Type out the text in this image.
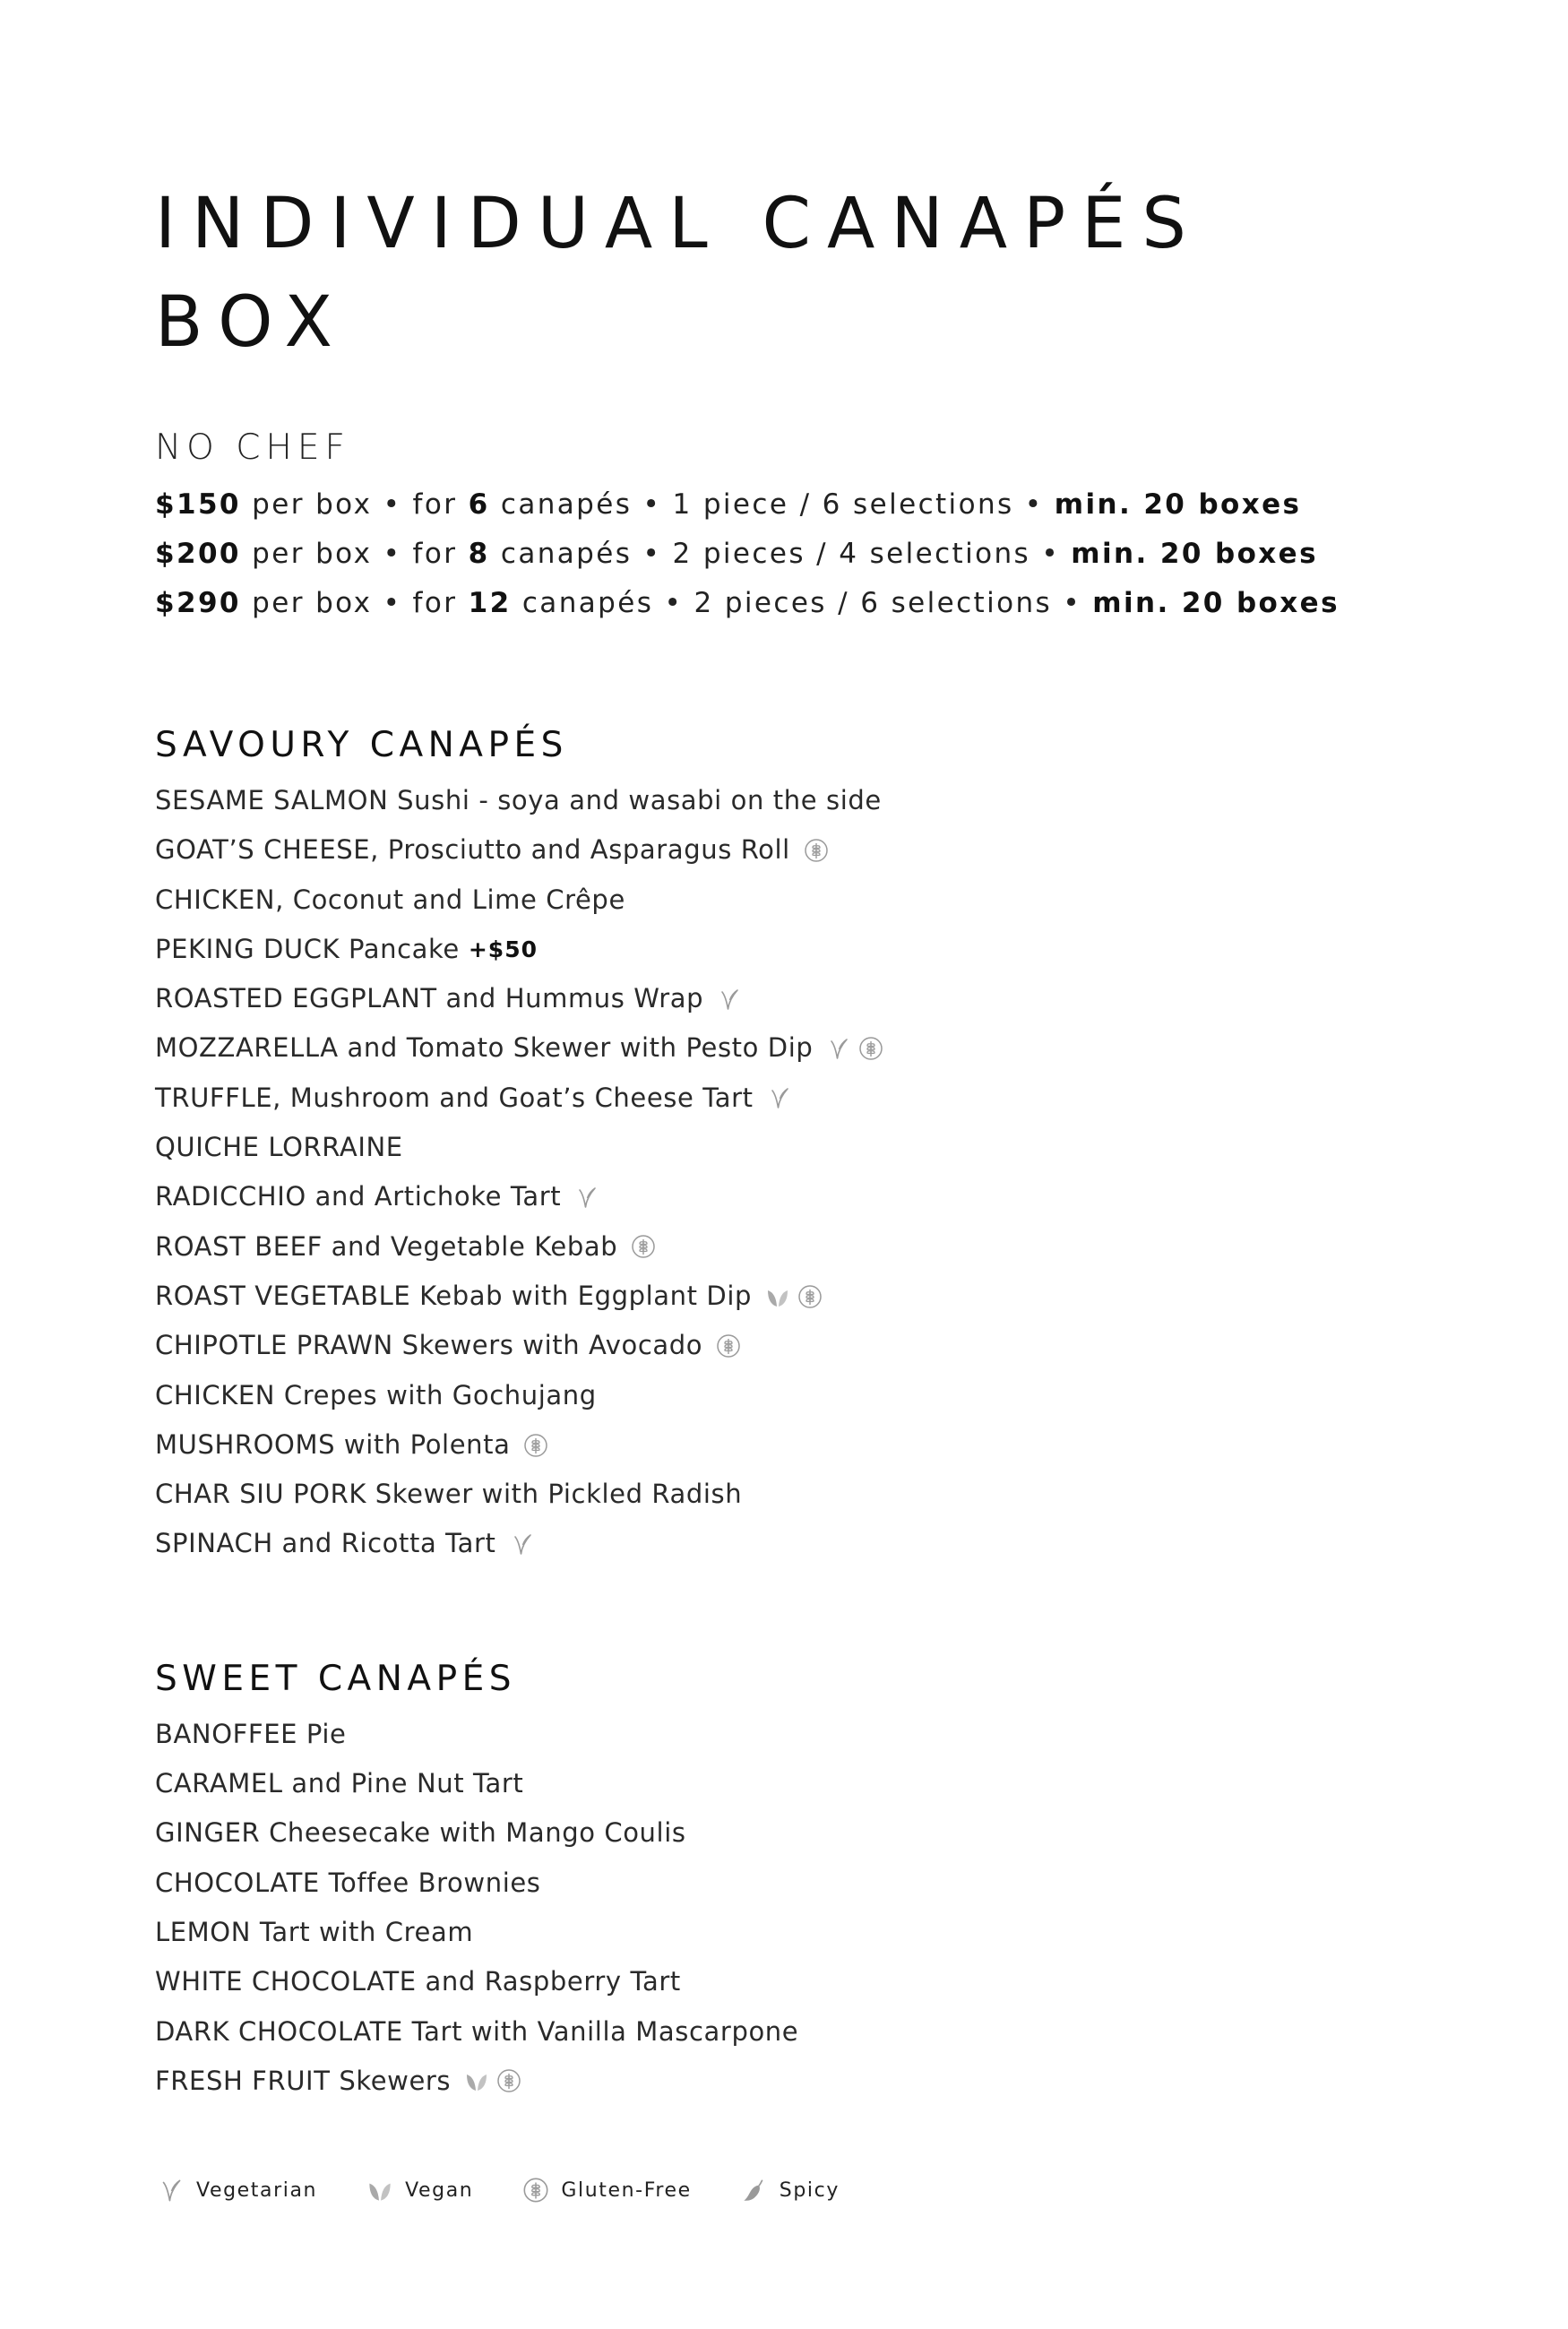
INDIVIDUAL CANAPÉS
BOX
NO CHEF
$150 per box • for 6 canapés • 1 piece / 6 selections • min. 20 boxes
$200 per box • for 8 canapés • 2 pieces / 4 selections • min. 20 boxes
$290 per box • for 12 canapés • 2 pieces / 6 selections • min. 20 boxes
SAVOURY CANAPÉS
SESAME SALMON Sushi - soya and wasabi on the side
GOAT’S CHEESE, Prosciutto and Asparagus Roll
CHICKEN, Coconut and Lime Crêpe
PEKING DUCK Pancake +$50
ROASTED EGGPLANT and Hummus Wrap
MOZZARELLA and Tomato Skewer with Pesto Dip
TRUFFLE, Mushroom and Goat’s Cheese Tart
QUICHE LORRAINE
RADICCHIO and Artichoke Tart
ROAST BEEF and Vegetable Kebab
ROAST VEGETABLE Kebab with Eggplant Dip
CHIPOTLE PRAWN Skewers with Avocado
CHICKEN Crepes with Gochujang
MUSHROOMS with Polenta
CHAR SIU PORK Skewer with Pickled Radish
SPINACH and Ricotta Tart
SWEET CANAPÉS
BANOFFEE Pie
CARAMEL and Pine Nut Tart
GINGER Cheesecake with Mango Coulis
CHOCOLATE Toffee Brownies
LEMON Tart with Cream
WHITE CHOCOLATE and Raspberry Tart
DARK CHOCOLATE Tart with Vanilla Mascarpone
FRESH FRUIT Skewers
Vegetarian	Vegan	Gluten-Free	Spicy
